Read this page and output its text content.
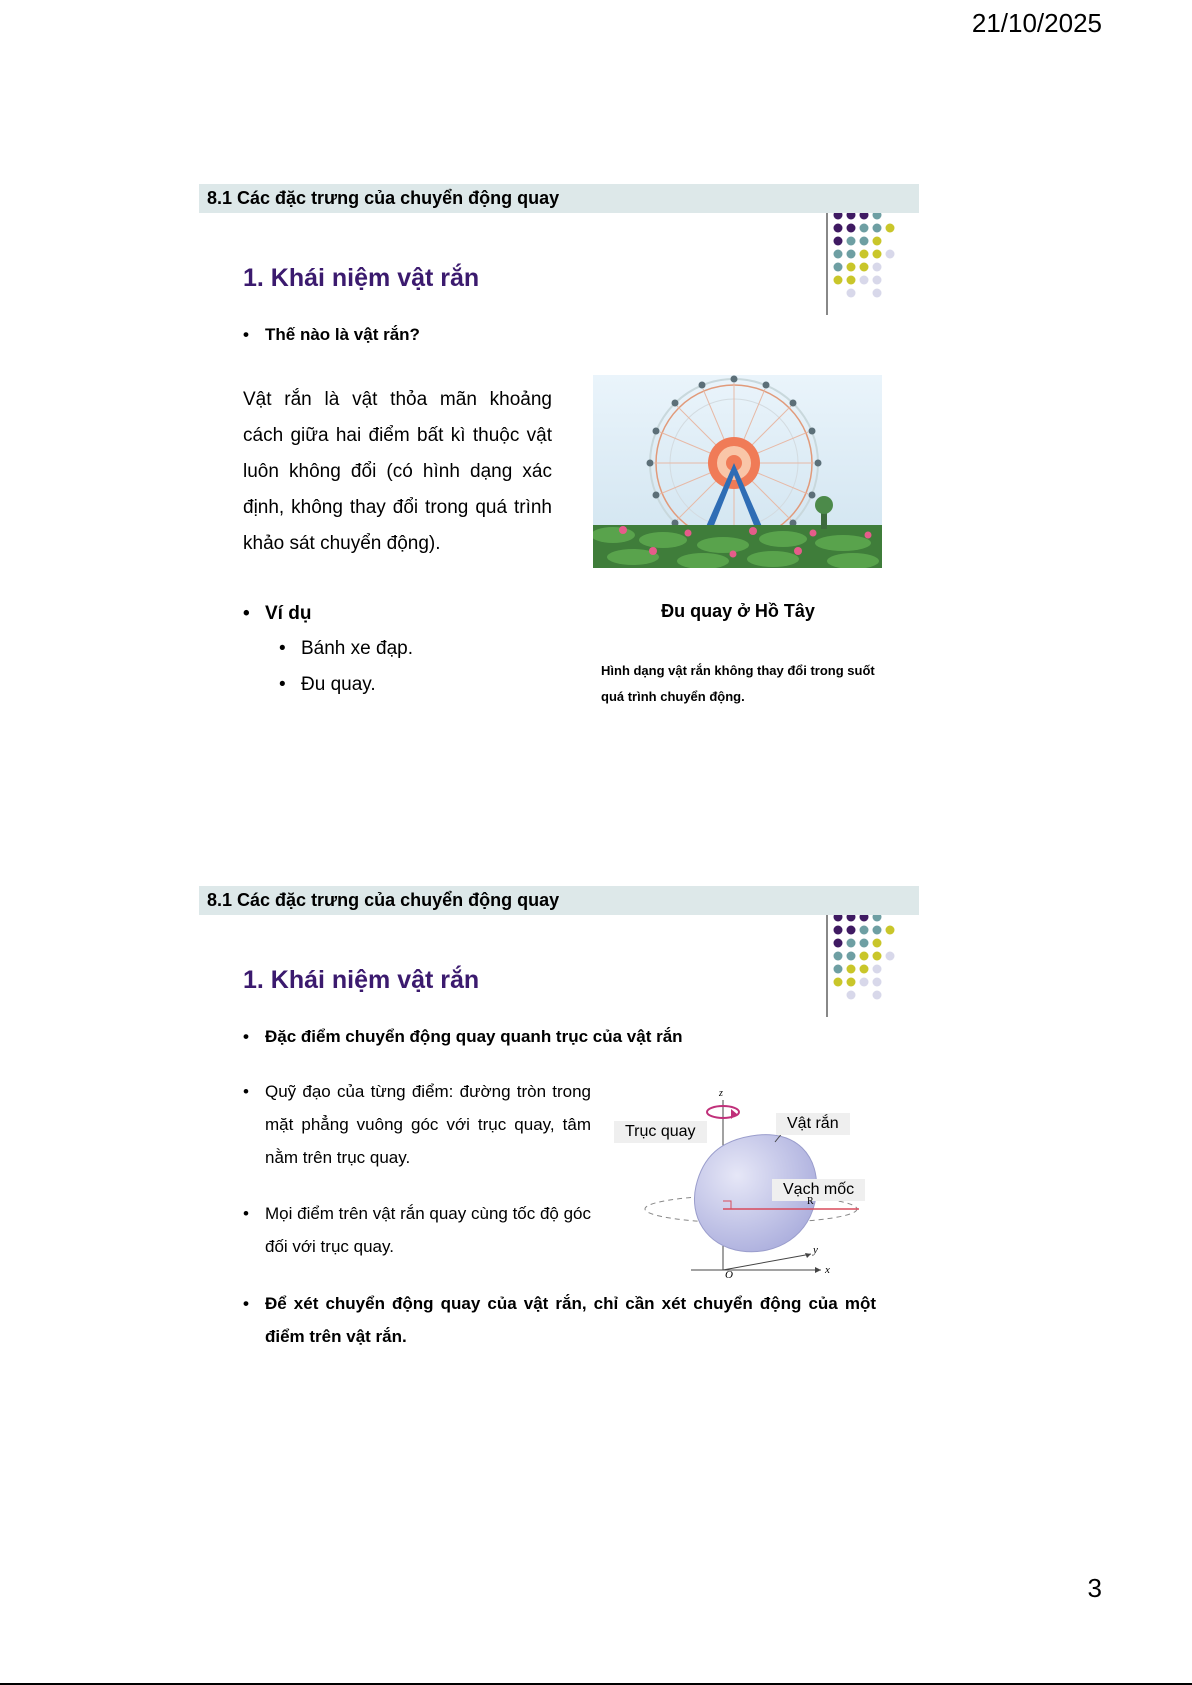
21/10/2025
8.1 Các đặc trưng của chuyển động quay
1. Khái niệm vật rắn
• Thế nào là vật rắn?
Vật rắn là vật thỏa mãn khoảng cách giữa hai điểm bất kì thuộc vật luôn không đổi (có hình dạng xác định, không thay đổi trong quá trình khảo sát chuyển động).
Đu quay ở Hồ Tây
Hình dạng vật rắn không thay đổi trong suốt quá trình chuyển động.
• Ví dụ
• Bánh xe đạp.
• Đu quay.
8.1 Các đặc trưng của chuyển động quay
1. Khái niệm vật rắn
• Đặc điểm chuyển động quay quanh trục của vật rắn
• Quỹ đạo của từng điểm: đường tròn trong mặt phẳng vuông góc với trục quay, tâm nằm trên trục quay.
• Mọi điểm trên vật rắn quay cùng tốc độ góc đối với trục quay.
Trục quay	Vật rắn
Vạch mốc
z
y
x
O
R
• Để xét chuyển động quay của vật rắn, chỉ cần xét chuyển động của một điểm trên vật rắn.
3
